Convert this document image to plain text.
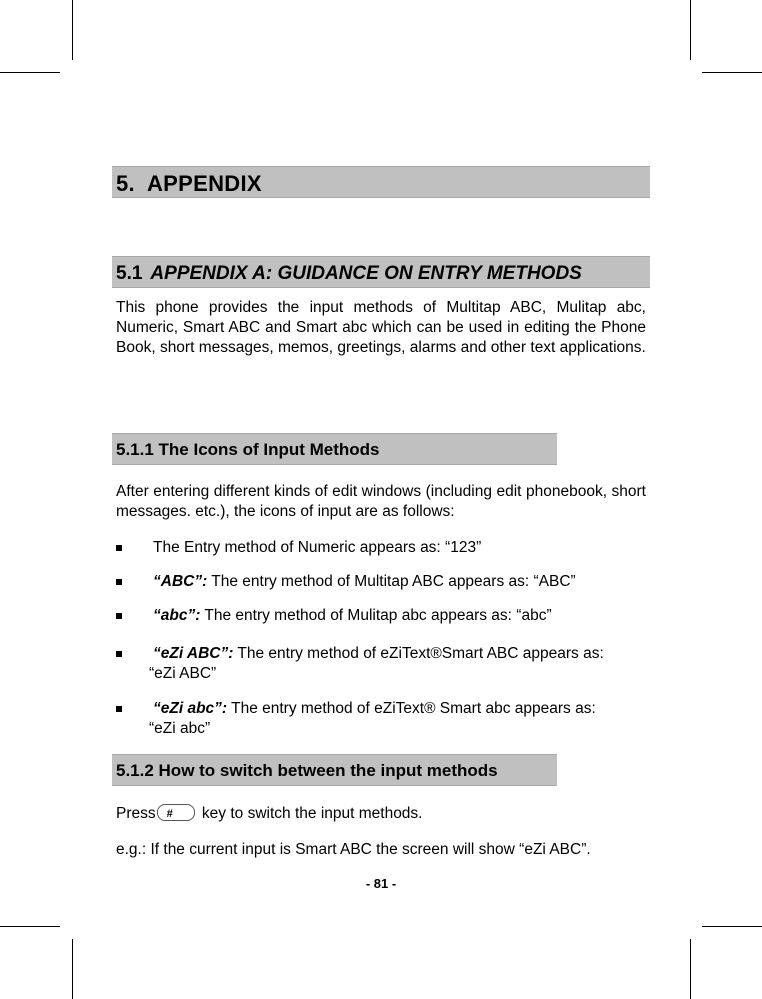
5. APPENDIX
5.1 APPENDIX A: GUIDANCE ON ENTRY METHODS
This phone provides the input methods of Multitap ABC, Mulitap abc, Numeric, Smart ABC and Smart abc which can be used in editing the Phone Book, short messages, memos, greetings, alarms and other text applications.
5.1.1 The Icons of Input Methods
After entering different kinds of edit windows (including edit phonebook, short messages. etc.), the icons of input are as follows:
The Entry method of Numeric appears as: “123”
“ABC”: The entry method of Multitap ABC appears as: “ABC”
“abc”: The entry method of Mulitap abc appears as: “abc”
“eZi ABC”: The entry method of eZiText®Smart ABC appears as:
“eZi ABC”
“eZi abc”: The entry method of eZiText® Smart abc appears as:
“eZi abc”
5.1.2 How to switch between the input methods
Press # key to switch the input methods.
e.g.: If the current input is Smart ABC the screen will show “eZi ABC”.
- 81 -
